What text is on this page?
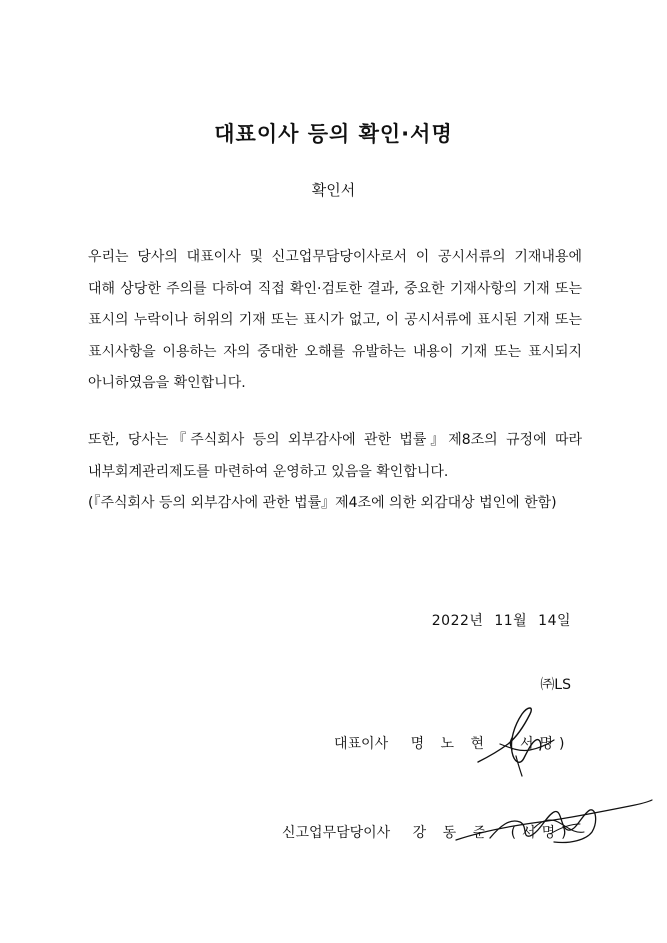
대표이사 등의 확인·서명
확인서

우리는 당사의 대표이사 및 신고업무담당이사로서 이 공시서류의 기재내용에 대해 상당한 주의를 다하여 직접 확인·검토한 결과, 중요한 기재사항의 기재 또는 표시의 누락이나 허위의 기재 또는 표시가 없고, 이 공시서류에 표시된 기재 또는 표시사항을 이용하는 자의 중대한 오해를 유발하는 내용이 기재 또는 표시되지 아니하였음을 확인합니다.

또한, 당사는『주식회사 등의 외부감사에 관한 법률』제8조의 규정에 따라 내부회계관리제도를 마련하여 운영하고 있음을 확인합니다.

(『주식회사 등의 외부감사에 관한 법률』제4조에 의한 외감대상 법인에 한함)

2022년 11월 14일
㈜LS
대표이사 명 노 현 (서명)
신고업무담당이사 강 동 준 (서명)
